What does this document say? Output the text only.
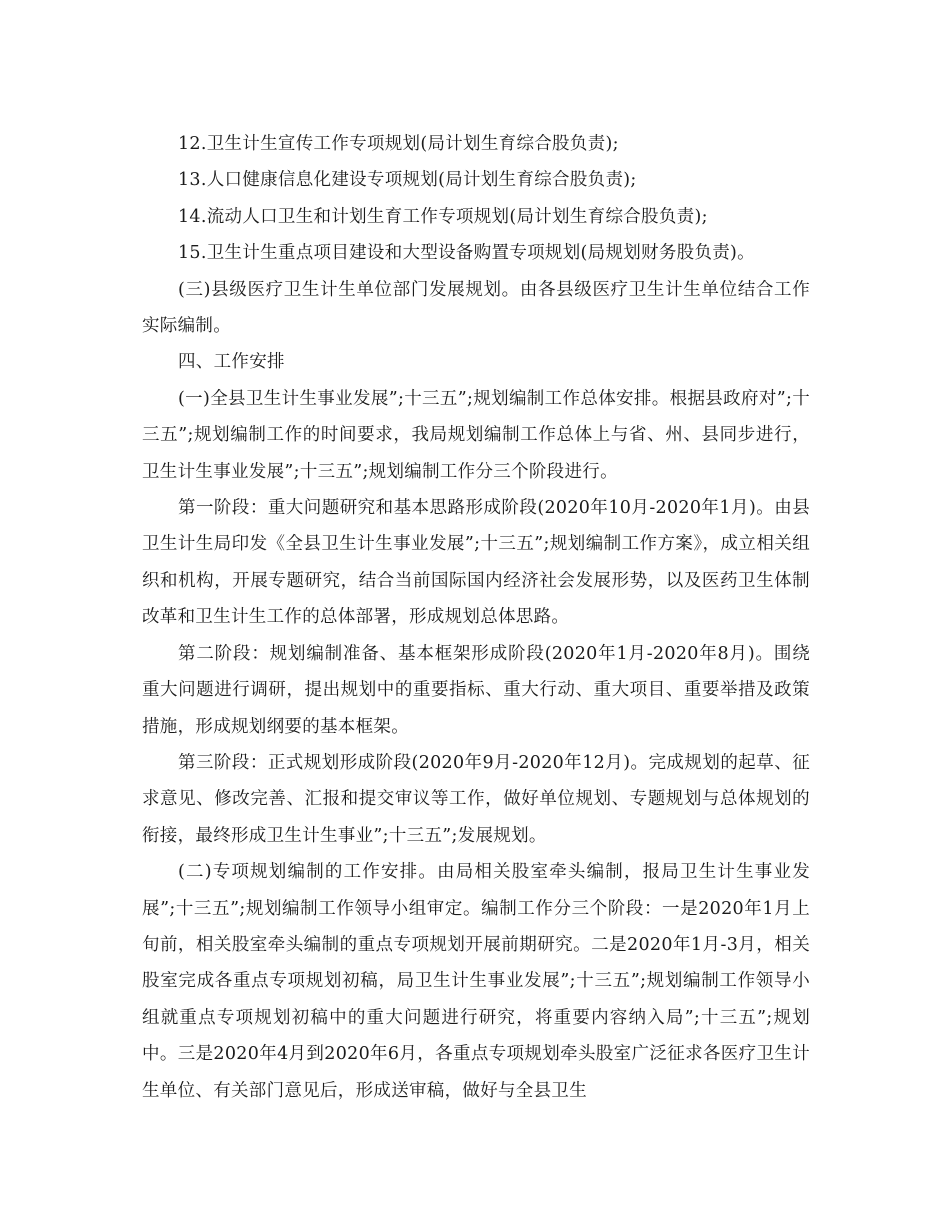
12.卫生计生宣传工作专项规划(局计划生育综合股负责);

13.人口健康信息化建设专项规划(局计划生育综合股负责);

14.流动人口卫生和计划生育工作专项规划(局计划生育综合股负责);

15.卫生计生重点项目建设和大型设备购置专项规划(局规划财务股负责)。

(三)县级医疗卫生计生单位部门发展规划。由各县级医疗卫生计生单位结合工作实际编制。

四、工作安排

(一)全县卫生计生事业发展”;十三五”;规划编制工作总体安排。根据县政府对”;十三五”;规划编制工作的时间要求，我局规划编制工作总体上与省、州、县同步进行，卫生计生事业发展”;十三五”;规划编制工作分三个阶段进行。

第一阶段：重大问题研究和基本思路形成阶段(2020年10月-2020年1月)。由县卫生计生局印发《全县卫生计生事业发展”;十三五”;规划编制工作方案》，成立相关组织和机构，开展专题研究，结合当前国际国内经济社会发展形势，以及医药卫生体制改革和卫生计生工作的总体部署，形成规划总体思路。

第二阶段：规划编制准备、基本框架形成阶段(2020年1月-2020年8月)。围绕重大问题进行调研，提出规划中的重要指标、重大行动、重大项目、重要举措及政策措施，形成规划纲要的基本框架。

第三阶段：正式规划形成阶段(2020年9月-2020年12月)。完成规划的起草、征求意见、修改完善、汇报和提交审议等工作，做好单位规划、专题规划与总体规划的衔接，最终形成卫生计生事业”;十三五”;发展规划。

(二)专项规划编制的工作安排。由局相关股室牵头编制，报局卫生计生事业发展”;十三五”;规划编制工作领导小组审定。编制工作分三个阶段：一是2020年1月上旬前，相关股室牵头编制的重点专项规划开展前期研究。二是2020年1月-3月，相关股室完成各重点专项规划初稿，局卫生计生事业发展”;十三五”;规划编制工作领导小组就重点专项规划初稿中的重大问题进行研究，将重要内容纳入局”;十三五”;规划中。三是2020年4月到2020年6月，各重点专项规划牵头股室广泛征求各医疗卫生计生单位、有关部门意见后，形成送审稿，做好与全县卫生
